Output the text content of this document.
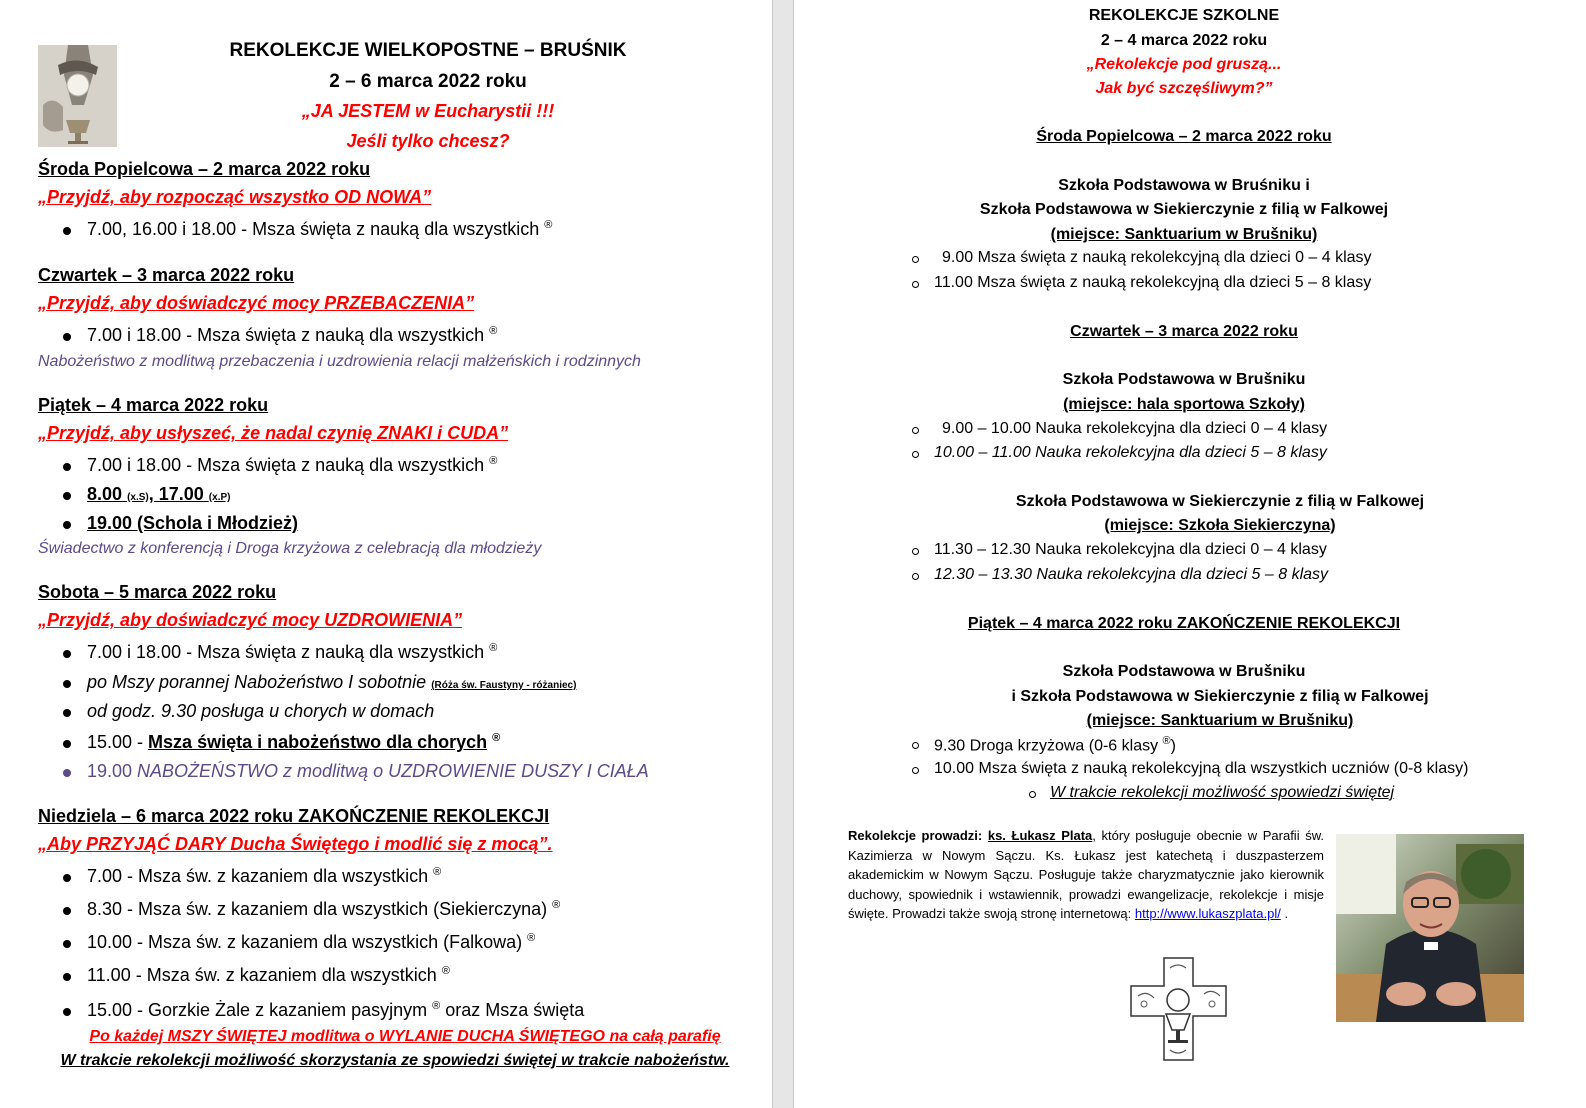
REKOLEKCJE WIELKOPOSTNE – BRUŚNIK
2 – 6 marca 2022 roku
„JA JESTEM w Eucharystii !!!
Jeśli tylko chcesz?
Środa Popielcowa – 2 marca 2022 roku
„Przyjdź, aby rozpocząć wszystko OD NOWA”
7.00, 16.00 i 18.00 - Msza święta z nauką dla wszystkich ®
Czwartek – 3 marca 2022 roku
„Przyjdź, aby doświadczyć mocy PRZEBACZENIA”
7.00 i 18.00 - Msza święta z nauką dla wszystkich ®
Nabożeństwo z modlitwą przebaczenia i uzdrowienia relacji małżeńskich i rodzinnych
Piątek – 4 marca 2022 roku
„Przyjdź, aby usłyszeć, że nadal czynię ZNAKI i CUDA”
7.00 i 18.00 - Msza święta z nauką dla wszystkich ®
8.00 (x.S), 17.00 (x.P)
19.00 (Schola i Młodzież)
Świadectwo z konferencją i Droga krzyżowa z celebracją dla młodzieży
Sobota – 5 marca 2022 roku
„Przyjdź, aby doświadczyć mocy UZDROWIENIA”
7.00 i 18.00 - Msza święta z nauką dla wszystkich ®
po Mszy porannej Nabożeństwo I sobotnie (Róża św. Faustyny - różaniec)
od godz. 9.30 posługa u chorych w domach
15.00 - Msza święta i nabożeństwo dla chorych ®
19.00 NABOŻEŃSTWO z modlitwą o UZDROWIENIE DUSZY I CIAŁA
Niedziela – 6 marca 2022 roku ZAKOŃCZENIE REKOLEKCJI
„Aby PRZYJĄĆ DARY Ducha Świętego i modlić się z mocą”.
7.00 - Msza św. z kazaniem dla wszystkich ®
8.30 - Msza św. z kazaniem dla wszystkich (Siekierczyna) ®
10.00 - Msza św. z kazaniem dla wszystkich (Falkowa) ®
11.00 - Msza św. z kazaniem dla wszystkich ®
15.00 - Gorzkie Żale z kazaniem pasyjnym ® oraz Msza święta
Po każdej MSZY ŚWIĘTEJ modlitwa o WYLANIE DUCHA ŚWIĘTEGO na całą parafię
W trakcie rekolekcji możliwość skorzystania ze spowiedzi świętej w trakcie nabożeństw.
REKOLEKCJE SZKOLNE
2 – 4 marca 2022 roku
„Rekolekcje pod gruszą...
Jak być szczęśliwym?”
Środa Popielcowa – 2 marca 2022 roku
Szkoła Podstawowa w Bruśniku i
Szkoła Podstawowa w Siekierczynie z filią w Falkowej
(miejsce: Sanktuarium w Brušniku)
9.00 Msza święta z nauką rekolekcyjną dla dzieci 0 – 4 klasy
11.00 Msza święta z nauką rekolekcyjną dla dzieci 5 – 8 klasy
Czwartek – 3 marca 2022 roku
Szkoła Podstawowa w Brušniku
(miejsce: hala sportowa Szkoły)
9.00 – 10.00 Nauka rekolekcyjna dla dzieci 0 – 4 klasy
10.00 – 11.00 Nauka rekolekcyjna dla dzieci 5 – 8 klasy
Szkoła Podstawowa w Siekierczynie z filią w Falkowej
(miejsce: Szkoła Siekierczyna)
11.30 – 12.30 Nauka rekolekcyjna dla dzieci 0 – 4 klasy
12.30 – 13.30 Nauka rekolekcyjna dla dzieci 5 – 8 klasy
Piątek – 4 marca 2022 roku ZAKOŃCZENIE REKOLEKCJI
Szkoła Podstawowa w Brušniku
i Szkoła Podstawowa w Siekierczynie z filią w Falkowej
(miejsce: Sanktuarium w Brušniku)
9.30 Droga krzyżowa (0-6 klasy ®)
10.00 Msza święta z nauką rekolekcyjną dla wszystkich uczniów (0-8 klasy)
W trakcie rekolekcji możliwość spowiedzi świętej
Rekolekcje prowadzi: ks. Łukasz Plata, który posługuje obecnie w Parafii św. Kazimierza w Nowym Sączu. Ks. Łukasz jest katechetą i duszpasterzem akademickim w Nowym Sączu. Posługuje także charyzmatycznie jako kierownik duchowy, spowiednik i wstawiennik, prowadzi ewangelizacje, rekolekcje i misje święte. Prowadzi także swoją stronę internetową: http://www.lukaszplata.pl/ .
